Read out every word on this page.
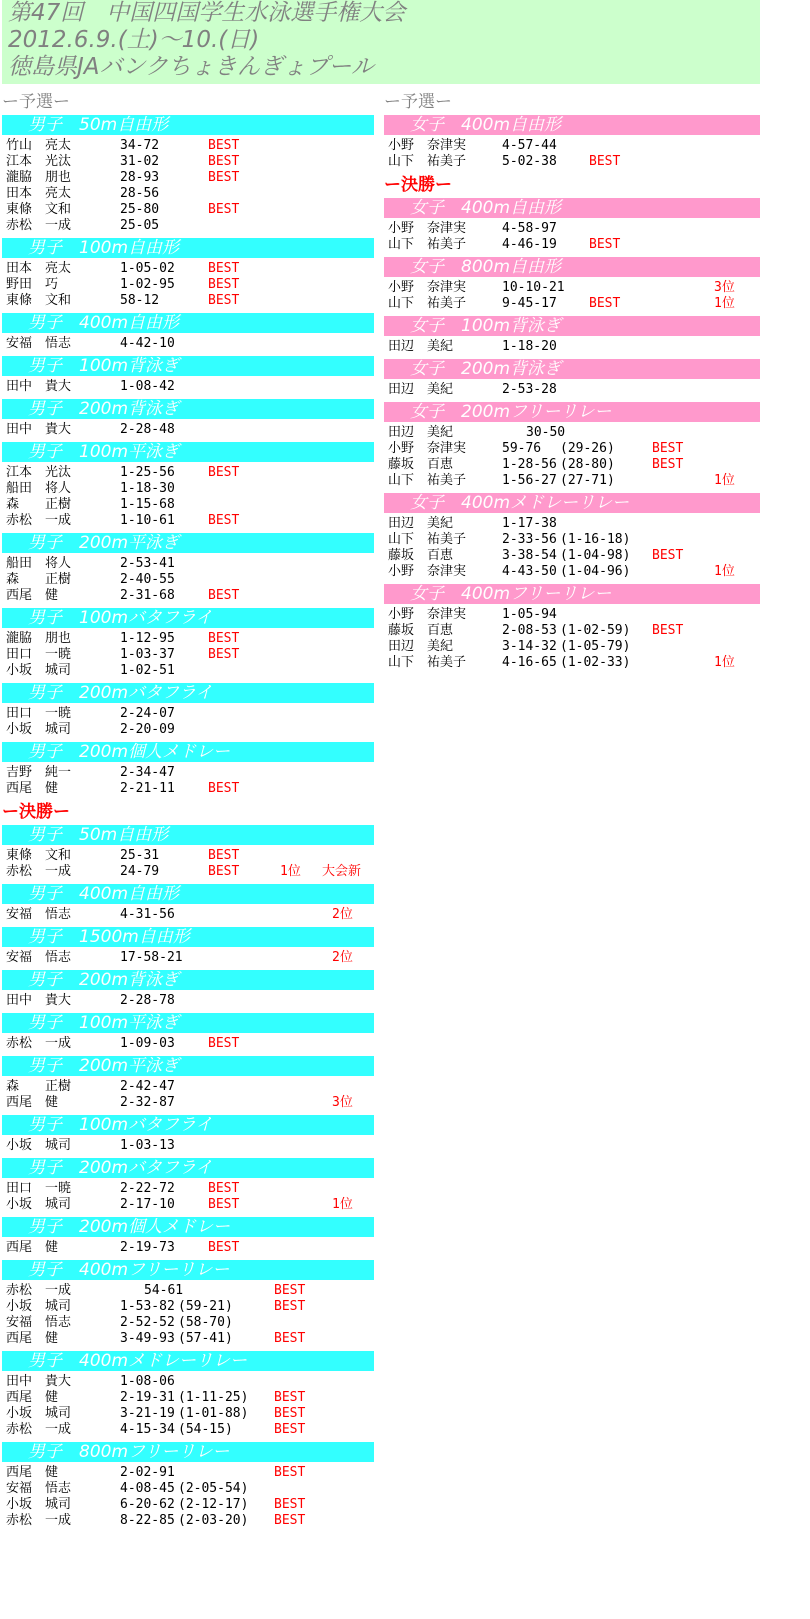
第47回　中国四国学生水泳選手権大会
2012.6.9.(土)～10.(日)
徳島県JAバンクちょきんぎょプール
ー予選ー
男子　50m自由形
竹山　亮太	34-72	BEST
江本　光汰	31-02	BEST
瀧脇　朋也	28-93	BEST
田本　亮太	28-56
東條　文和	25-80	BEST
赤松　一成	25-05
男子　100m自由形
田本　亮太	1-05-02	BEST
野田　巧	1-02-95	BEST
東條　文和	58-12	BEST
男子　400m自由形
安福　悟志	4-42-10
男子　100m背泳ぎ
田中　貴大	1-08-42
男子　200m背泳ぎ
田中　貴大	2-28-48
男子　100m平泳ぎ
江本　光汰	1-25-56	BEST
船田　将人	1-18-30
森　　正樹	1-15-68
赤松　一成	1-10-61	BEST
男子　200m平泳ぎ
船田　将人	2-53-41
森　　正樹	2-40-55
西尾　健	2-31-68	BEST
男子　100mバタフライ
瀧脇　朋也	1-12-95	BEST
田口　一暁	1-03-37	BEST
小坂　城司	1-02-51
男子　200mバタフライ
田口　一暁	2-24-07
小坂　城司	2-20-09
男子　200m個人メドレー
吉野　純一	2-34-47
西尾　健	2-21-11	BEST
ー決勝ー
男子　50m自由形
東條　文和	25-31	BEST
赤松　一成	24-79	BEST	1位 大会新
男子　400m自由形
安福　悟志	4-31-56	2位
男子　1500m自由形
安福　悟志	17-58-21	2位
男子　200m背泳ぎ
田中　貴大	2-28-78
男子　100m平泳ぎ
赤松　一成	1-09-03	BEST
男子　200m平泳ぎ
森　　正樹	2-42-47
西尾　健	2-32-87	3位
男子　100mバタフライ
小坂　城司	1-03-13
男子　200mバタフライ
田口　一暁	2-22-72	BEST
小坂　城司	2-17-10	BEST	1位
男子　200m個人メドレー
西尾　健	2-19-73	BEST
男子　400mフリーリレー
赤松　一成	54-61	BEST
小坂　城司	1-53-82 (59-21)	BEST
安福　悟志	2-52-52 (58-70)
西尾　健	3-49-93 (57-41)	BEST
男子　400mメドレーリレー
田中　貴大	1-08-06
西尾　健	2-19-31 (1-11-25) BEST
小坂　城司	3-21-19 (1-01-88) BEST
赤松　一成	4-15-34 (54-15)	BEST
男子　800mフリーリレー
西尾　健	2-02-91	BEST
安福　悟志	4-08-45 (2-05-54)
小坂　城司	6-20-62 (2-12-17) BEST
赤松　一成	8-22-85 (2-03-20) BEST
ー予選ー
女子　400m自由形
小野　奈津実	4-57-44
山下　祐美子	5-02-38 BEST
ー決勝ー
女子　400m自由形
小野　奈津実	4-58-97
山下　祐美子	4-46-19 BEST
女子　800m自由形
小野　奈津実	10-10-21	3位
山下　祐美子	9-45-17 BEST	1位
女子　100m背泳ぎ
田辺　美紀	1-18-20
女子　200m背泳ぎ
田辺　美紀	2-53-28
女子　200mフリーリレー
田辺　美紀	30-50
小野　奈津実	59-76 (29-26)	BEST
藤坂　百恵	1-28-56 (28-80)	BEST
山下　祐美子	1-56-27 (27-71)	1位
女子　400mメドレーリレー
田辺　美紀	1-17-38
山下　祐美子	2-33-56 (1-16-18)
藤坂　百恵	3-38-54 (1-04-98) BEST
小野　奈津実	4-43-50 (1-04-96)	1位
女子　400mフリーリレー
小野　奈津実	1-05-94
藤坂　百恵	2-08-53 (1-02-59) BEST
田辺　美紀	3-14-32 (1-05-79)
山下　祐美子	4-16-65 (1-02-33)	1位
